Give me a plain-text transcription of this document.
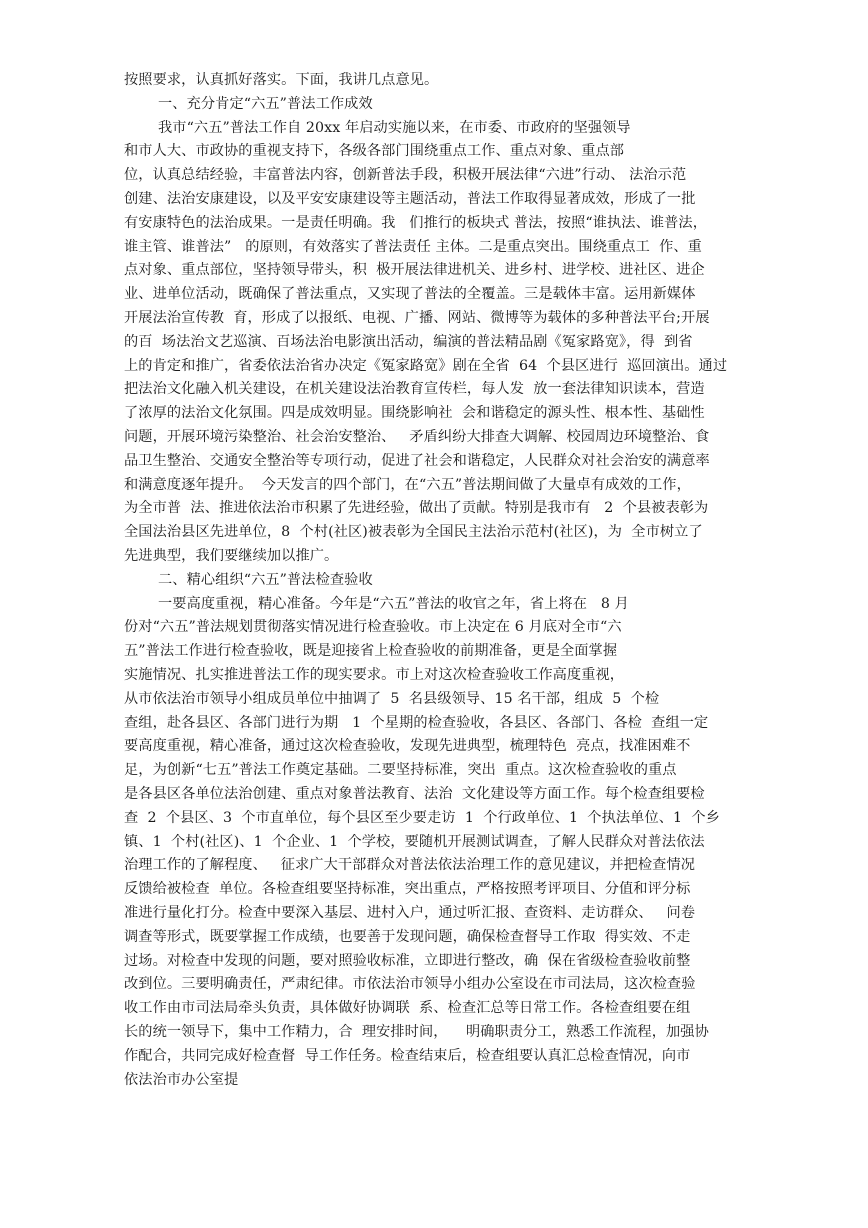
按照要求，认真抓好落实。下面，我讲几点意见。
一、充分肯定“六五”普法工作成效
我市“六五”普法工作自 20xx 年启动实施以来，在市委、市政府的坚强领导
和市人大、市政协的重视支持下，各级各部门围绕重点工作、重点对象、重点部
位，认真总结经验，丰富普法内容，创新普法手段，积极开展法律“六进”行动、 法治示范
创建、法治安康建设，以及平安安康建设等主题活动，普法工作取得显著成效，形成了一批
有安康特色的法治成果。一是责任明确。我   们推行的板块式 普法，按照“谁执法、谁普法，
谁主管、谁普法”   的原则，有效落实了普法责任 主体。二是重点突出。围绕重点工  作、重
点对象、重点部位，坚持领导带头，积  极开展法律进机关、进乡村、进学校、进社区、进企
业、进单位活动，既确保了普法重点，又实现了普法的全覆盖。三是载体丰富。运用新媒体
开展法治宣传教  育，形成了以报纸、电视、广播、网站、微博等为载体的多种普法平台;开展
的百  场法治文艺巡演、百场法治电影演出活动，编演的普法精品剧《冤家路宽》，得  到省
上的肯定和推广，省委依法治省办决定《冤家路宽》剧在全省  64  个县区进行  巡回演出。通过
把法治文化融入机关建设，在机关建设法治教育宣传栏，每人发  放一套法律知识读本，营造
了浓厚的法治文化氛围。四是成效明显。围绕影响社  会和谐稳定的源头性、根本性、基础性
问题，开展环境污染整治、社会治安整治、   矛盾纠纷大排查大调解、校园周边环境整治、食
品卫生整治、交通安全整治等专项行动，促进了社会和谐稳定，人民群众对社会治安的满意率
和满意度逐年提升。  今天发言的四个部门，在“六五”普法期间做了大量卓有成效的工作，
为全市普  法、推进依法治市积累了先进经验，做出了贡献。特别是我市有   2  个县被表彰为
全国法治县区先进单位，8  个村(社区)被表彰为全国民主法治示范村(社区)，为  全市树立了
先进典型，我们要继续加以推广。
二、精心组织“六五”普法检查验收
一要高度重视，精心准备。今年是“六五”普法的收官之年，省上将在   8 月
份对“六五”普法规划贯彻落实情况进行检查验收。市上决定在 6 月底对全市“六
五”普法工作进行检查验收，既是迎接省上检查验收的前期准备，更是全面掌握
实施情况、扎实推进普法工作的现实要求。市上对这次检查验收工作高度重视，
从市依法治市领导小组成员单位中抽调了  5  名县级领导、15 名干部，组成  5  个检
查组，赴各县区、各部门进行为期   1  个星期的检查验收，各县区、各部门、各检  查组一定
要高度重视，精心准备，通过这次检查验收，发现先进典型，梳理特色  亮点，找准困难不
足，为创新“七五”普法工作奠定基础。二要坚持标准，突出  重点。这次检查验收的重点
是各县区各单位法治创建、重点对象普法教育、法治  文化建设等方面工作。每个检查组要检
查  2  个县区、3  个市直单位，每个县区至少要走访  1  个行政单位、1  个执法单位、1  个乡
镇、1  个村(社区)、1  个企业、1  个学校，要随机开展测试调查，了解人民群众对普法依法
治理工作的了解程度、   征求广大干部群众对普法依法治理工作的意见建议，并把检查情况
反馈给被检查  单位。各检查组要坚持标准，突出重点，严格按照考评项目、分值和评分标
准进行量化打分。检查中要深入基层、进村入户，通过听汇报、查资料、走访群众、   问卷
调查等形式，既要掌握工作成绩，也要善于发现问题，确保检查督导工作取  得实效、不走
过场。对检查中发现的问题，要对照验收标准，立即进行整改，确  保在省级检查验收前整
改到位。三要明确责任，严肃纪律。市依法治市领导小组办公室设在市司法局，这次检查验
收工作由市司法局牵头负责，具体做好协调联  系、检查汇总等日常工作。各检查组要在组
长的统一领导下，集中工作精力，合  理安排时间，    明确职责分工，熟悉工作流程，加强协
作配合，共同完成好检查督  导工作任务。检查结束后，检查组要认真汇总检查情况，向市
依法治市办公室提
